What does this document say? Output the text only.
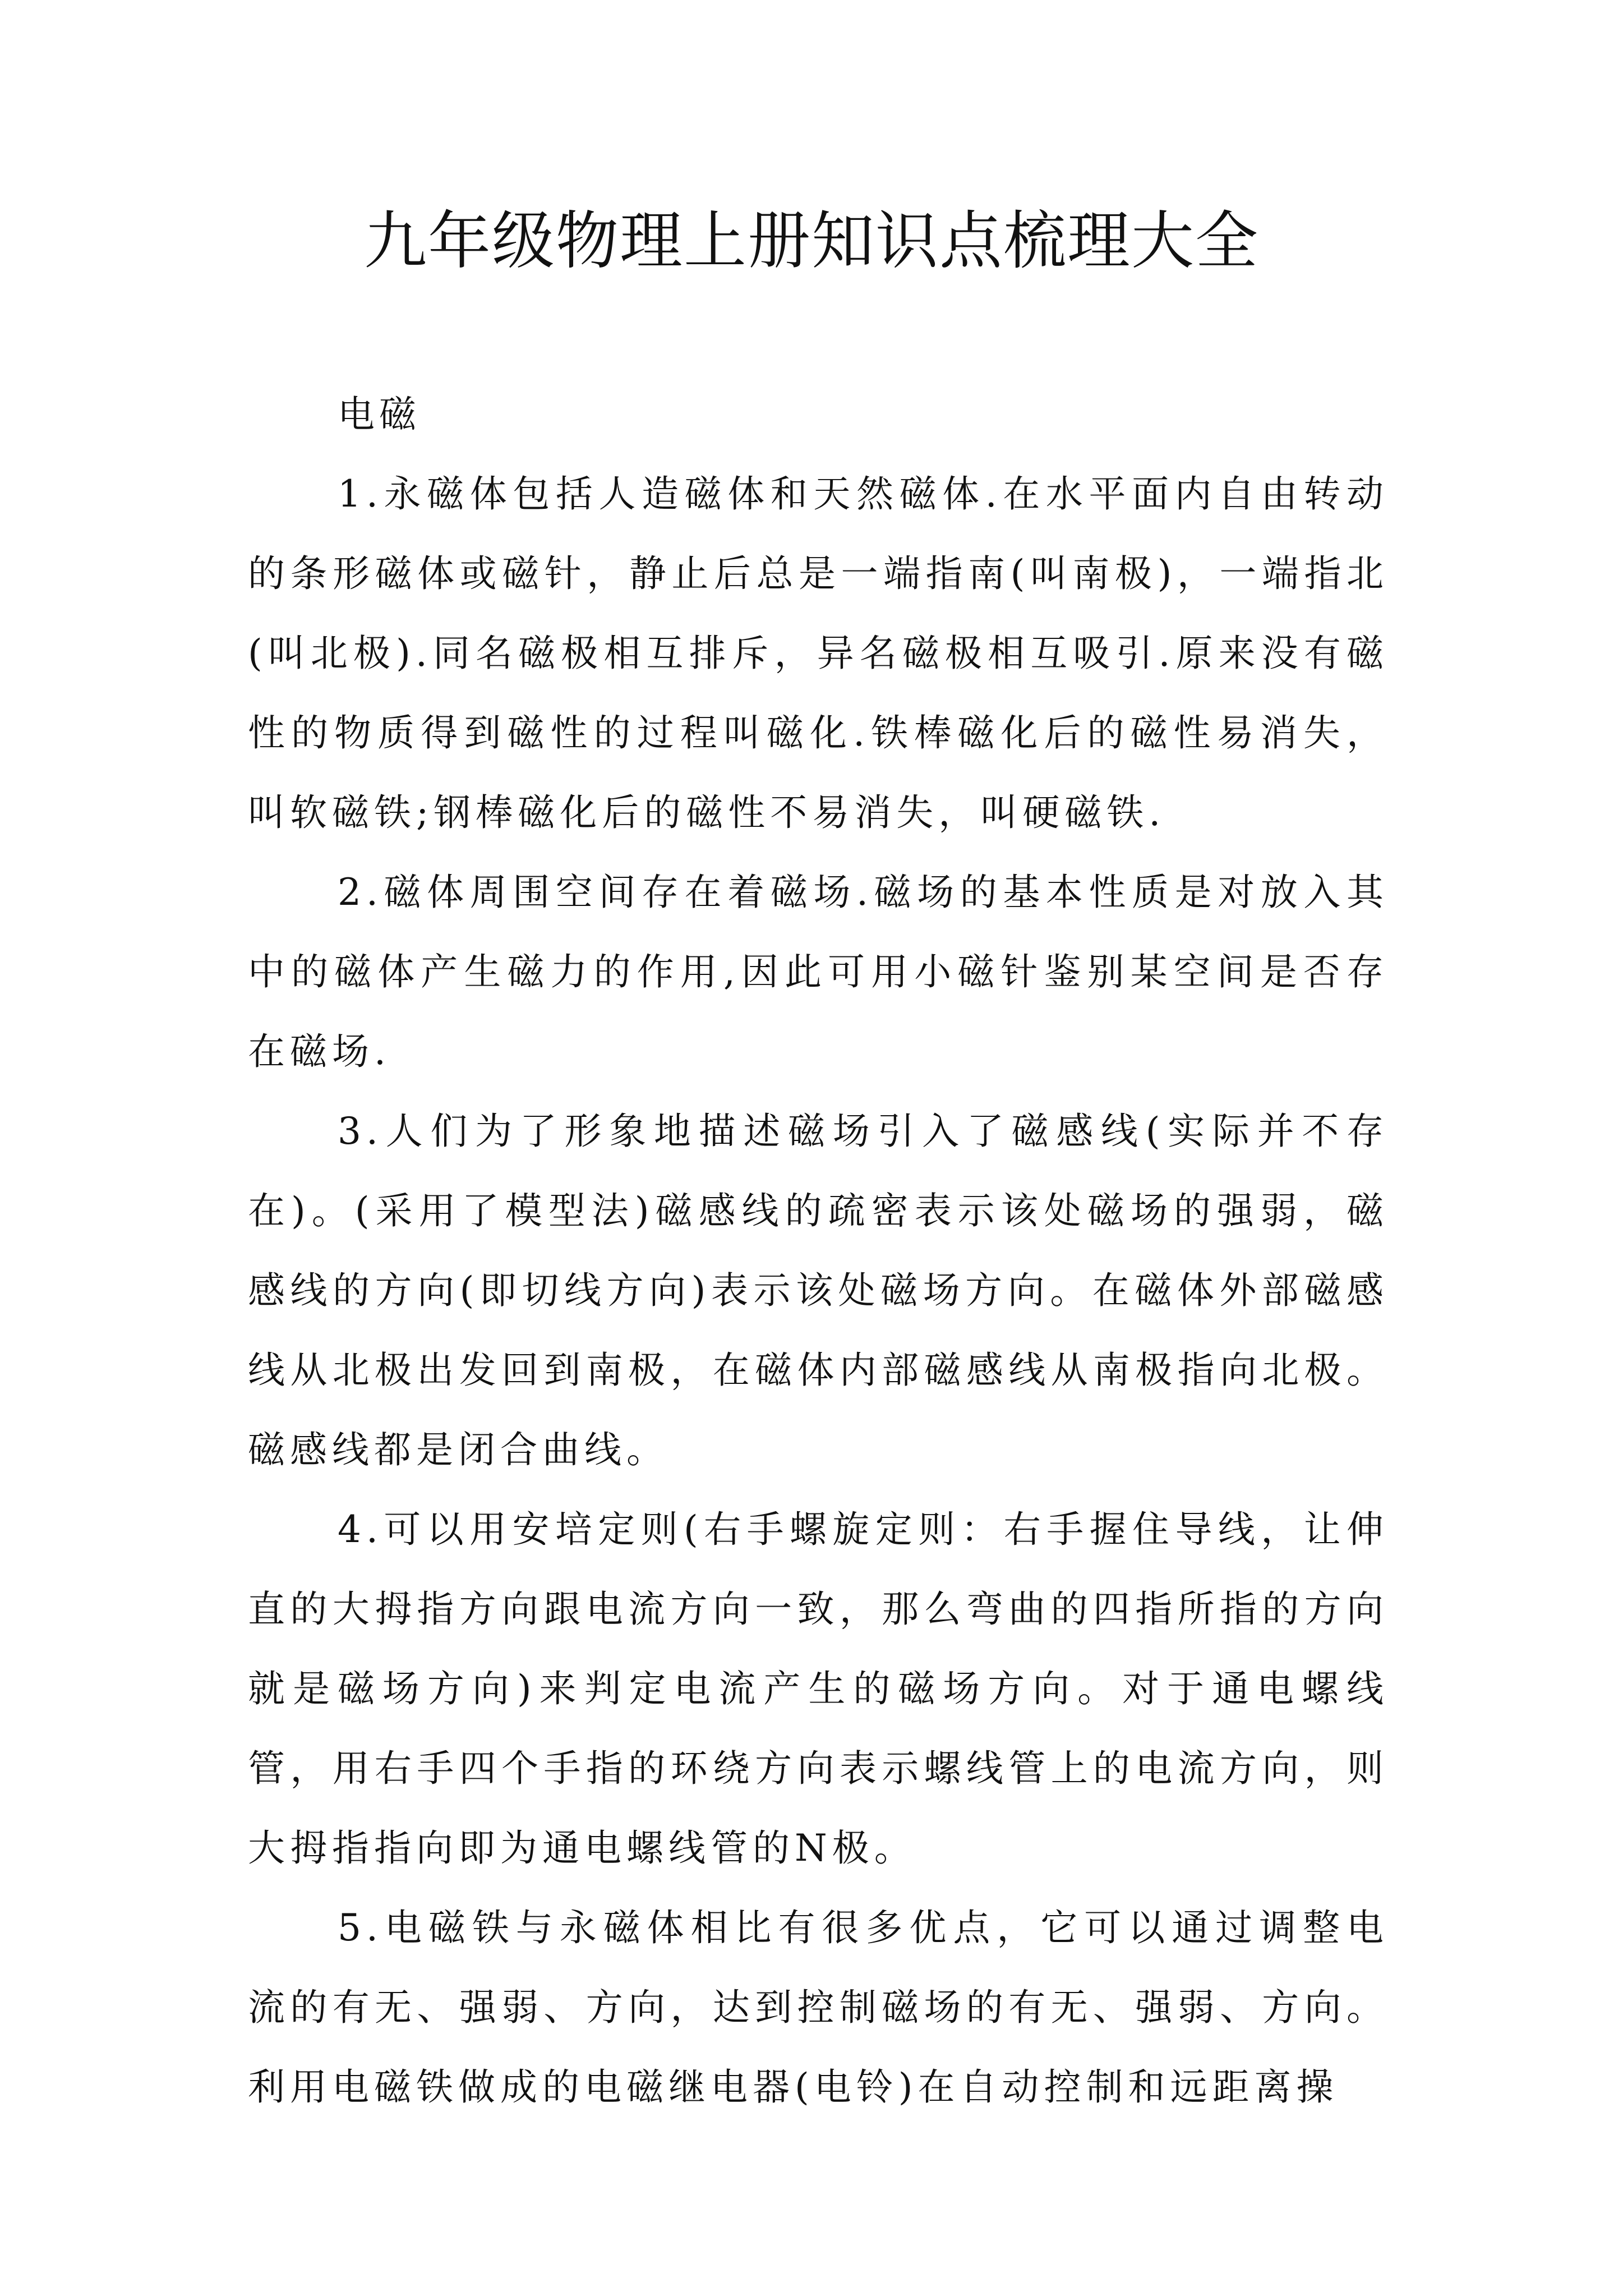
九年级物理上册知识点梳理大全

电磁

1.永磁体包括人造磁体和天然磁体.在水平面内自由转动的条形磁体或磁针，静止后总是一端指南(叫南极)，一端指北(叫北极).同名磁极相互排斥，异名磁极相互吸引.原来没有磁性的物质得到磁性的过程叫磁化.铁棒磁化后的磁性易消失，叫软磁铁;钢棒磁化后的磁性不易消失，叫硬磁铁.

2.磁体周围空间存在着磁场.磁场的基本性质是对放入其中的磁体产生磁力的作用,因此可用小磁针鉴别某空间是否存在磁场.

3.人们为了形象地描述磁场引入了磁感线(实际并不存在)。(采用了模型法)磁感线的疏密表示该处磁场的强弱，磁感线的方向(即切线方向)表示该处磁场方向。在磁体外部磁感线从北极出发回到南极，在磁体内部磁感线从南极指向北极。磁感线都是闭合曲线。

4.可以用安培定则(右手螺旋定则：右手握住导线，让伸直的大拇指方向跟电流方向一致，那么弯曲的四指所指的方向就是磁场方向)来判定电流产生的磁场方向。对于通电螺线管，用右手四个手指的环绕方向表示螺线管上的电流方向，则大拇指指向即为通电螺线管的N极。

5.电磁铁与永磁体相比有很多优点，它可以通过调整电流的有无、强弱、方向，达到控制磁场的有无、强弱、方向。利用电磁铁做成的电磁继电器(电铃)在自动控制和远距离操
